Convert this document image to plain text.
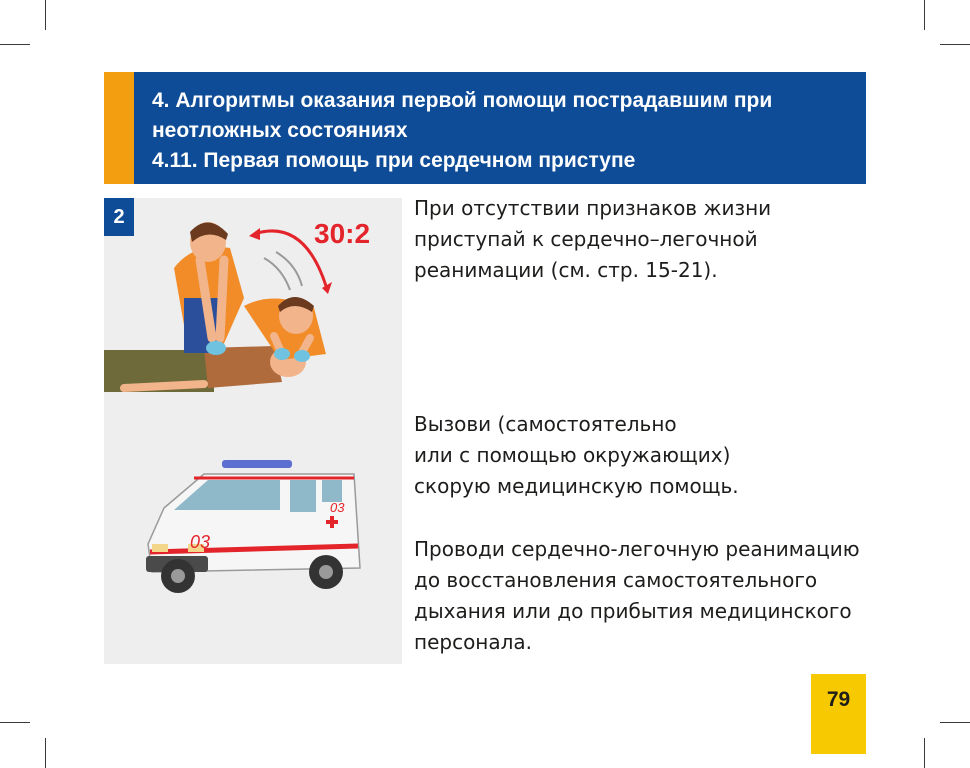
4. Алгоритмы оказания первой помощи пострадавшим при
неотложных состояниях
4.11. Первая помощь при сердечном приступе
2
30:2
03
03
При отсутствии признаков жизни
приступай к сердечно–легочной
реанимации (см. стр. 15-21).
Вызови (самостоятельно
или с помощью окружающих)
скорую медицинскую помощь.
Проводи сердечно-легочную реанимацию
до восстановления самостоятельного
дыхания или до прибытия медицинского
персонала.
79
